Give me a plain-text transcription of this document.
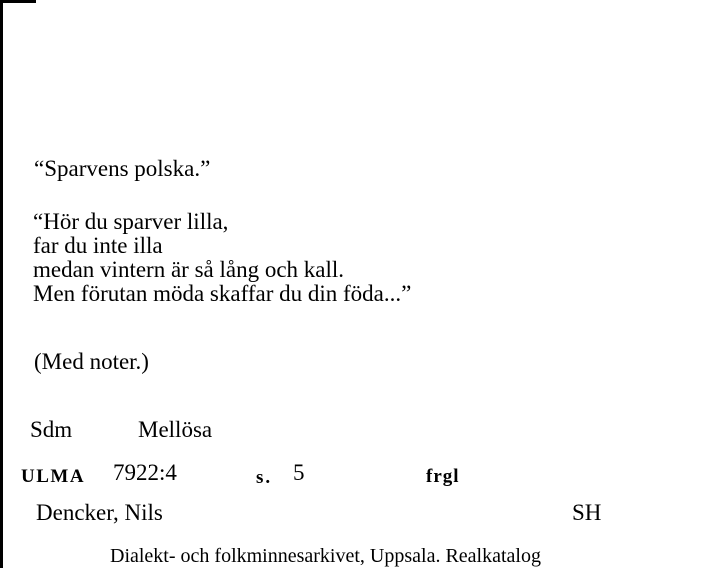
“Sparvens polska.”
“Hör du sparver lilla,
far du inte illa
medan vintern är så lång och kall.
Men förutan möda skaffar du din föda...”
(Med noter.)
Sdm	Mellösa
ULMA 7922:4	s. 5	frgl
Dencker, Nils	SH
Dialekt- och folkminnesarkivet, Uppsala. Realkatalog
